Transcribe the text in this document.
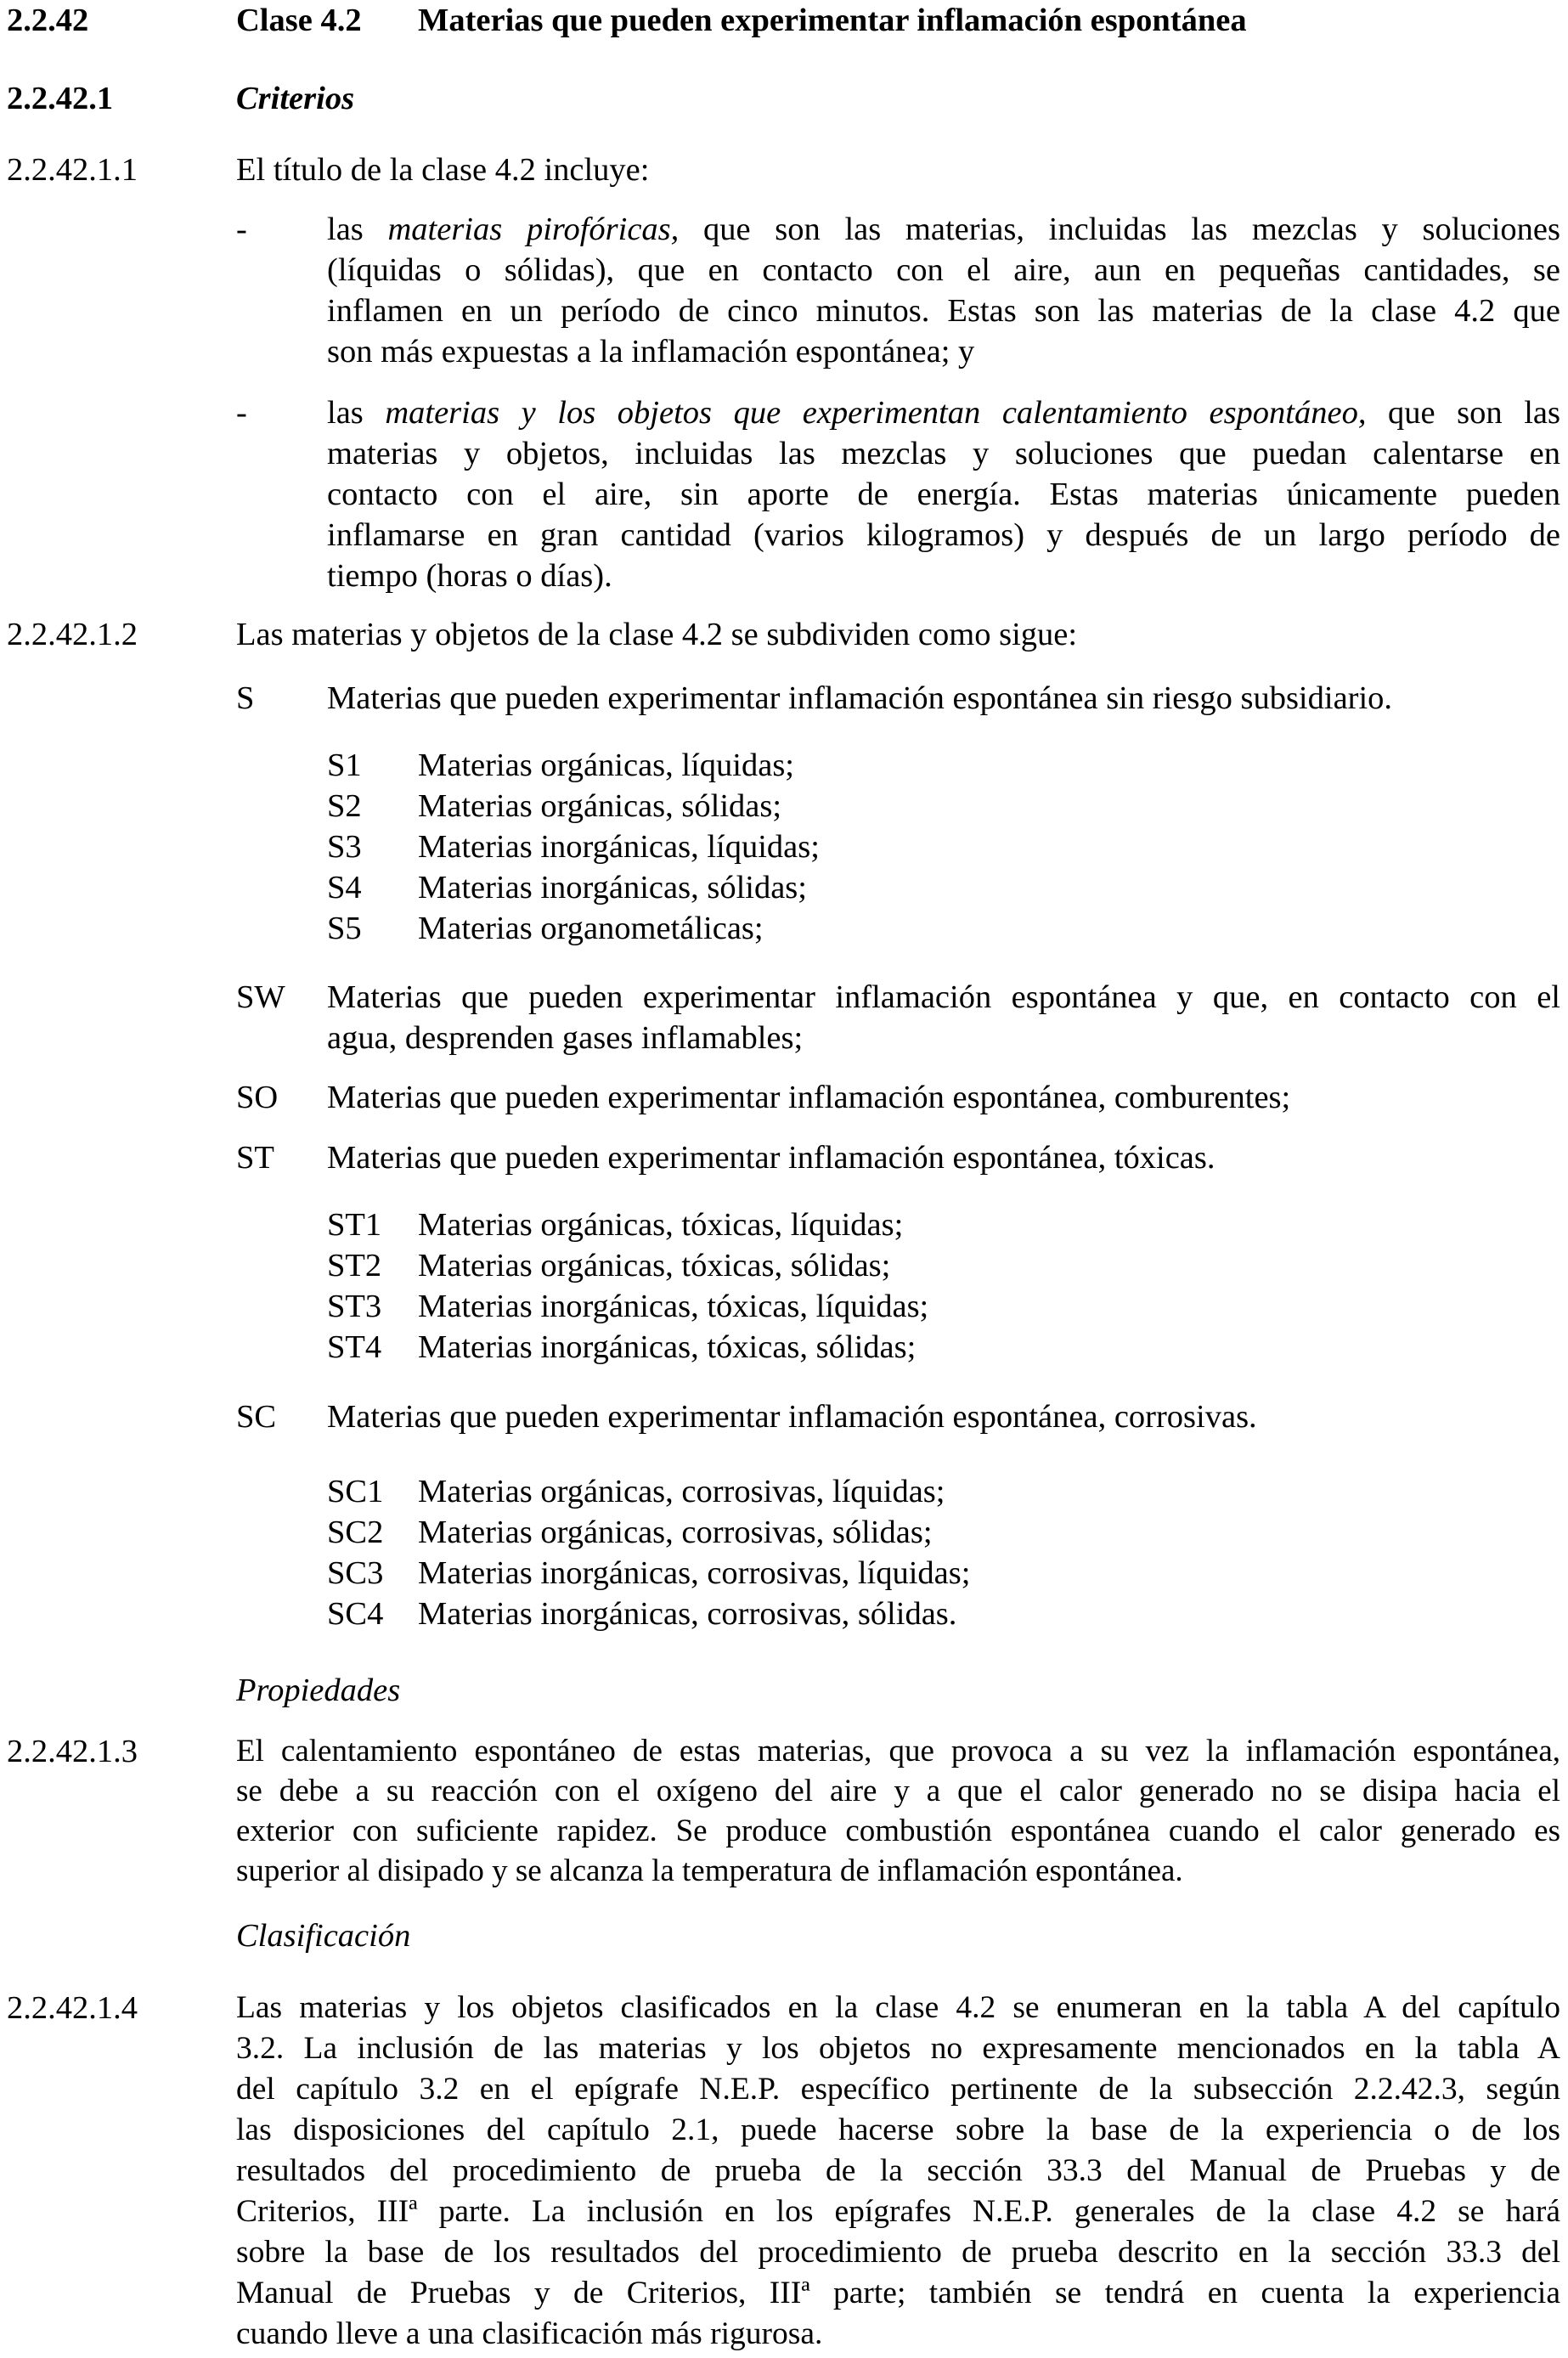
2.2.42	Clase 4.2 Materias que pueden experimentar inflamación espontánea
2.2.42.1	Criterios
2.2.42.1.1	El título de la clase 4.2 incluye:
- las materias pirofóricas, que son las materias, incluidas las mezclas y soluciones
(líquidas o sólidas), que en contacto con el aire, aun en pequeñas cantidades, se
inflamen en un período de cinco minutos. Estas son las materias de la clase 4.2 que
son más expuestas a la inflamación espontánea; y
- las materias y los objetos que experimentan calentamiento espontáneo, que son las
materias y objetos, incluidas las mezclas y soluciones que puedan calentarse en
contacto con el aire, sin aporte de energía. Estas materias únicamente pueden
inflamarse en gran cantidad (varios kilogramos) y después de un largo período de
tiempo (horas o días).
2.2.42.1.2	Las materias y objetos de la clase 4.2 se subdividen como sigue:
S Materias que pueden experimentar inflamación espontánea sin riesgo subsidiario.
S1 Materias orgánicas, líquidas;
S2 Materias orgánicas, sólidas;
S3 Materias inorgánicas, líquidas;
S4 Materias inorgánicas, sólidas;
S5 Materias organometálicas;
SW Materias que pueden experimentar inflamación espontánea y que, en contacto con el
agua, desprenden gases inflamables;
SO Materias que pueden experimentar inflamación espontánea, comburentes;
ST Materias que pueden experimentar inflamación espontánea, tóxicas.
ST1 Materias orgánicas, tóxicas, líquidas;
ST2 Materias orgánicas, tóxicas, sólidas;
ST3 Materias inorgánicas, tóxicas, líquidas;
ST4 Materias inorgánicas, tóxicas, sólidas;
SC Materias que pueden experimentar inflamación espontánea, corrosivas.
SC1 Materias orgánicas, corrosivas, líquidas;
SC2 Materias orgánicas, corrosivas, sólidas;
SC3 Materias inorgánicas, corrosivas, líquidas;
SC4 Materias inorgánicas, corrosivas, sólidas.
Propiedades
2.2.42.1.3	El calentamiento espontáneo de estas materias, que provoca a su vez la inflamación espontánea,
se debe a su reacción con el oxígeno del aire y a que el calor generado no se disipa hacia el
exterior con suficiente rapidez. Se produce combustión espontánea cuando el calor generado es
superior al disipado y se alcanza la temperatura de inflamación espontánea.
Clasificación
2.2.42.1.4	Las materias y los objetos clasificados en la clase 4.2 se enumeran en la tabla A del capítulo
3.2. La inclusión de las materias y los objetos no expresamente mencionados en la tabla A
del capítulo 3.2 en el epígrafe N.E.P. específico pertinente de la subsección 2.2.42.3, según
las disposiciones del capítulo 2.1, puede hacerse sobre la base de la experiencia o de los
resultados del procedimiento de prueba de la sección 33.3 del Manual de Pruebas y de
Criterios, IIIª parte. La inclusión en los epígrafes N.E.P. generales de la clase 4.2 se hará
sobre la base de los resultados del procedimiento de prueba descrito en la sección 33.3 del
Manual de Pruebas y de Criterios, IIIª parte; también se tendrá en cuenta la experiencia
cuando lleve a una clasificación más rigurosa.
